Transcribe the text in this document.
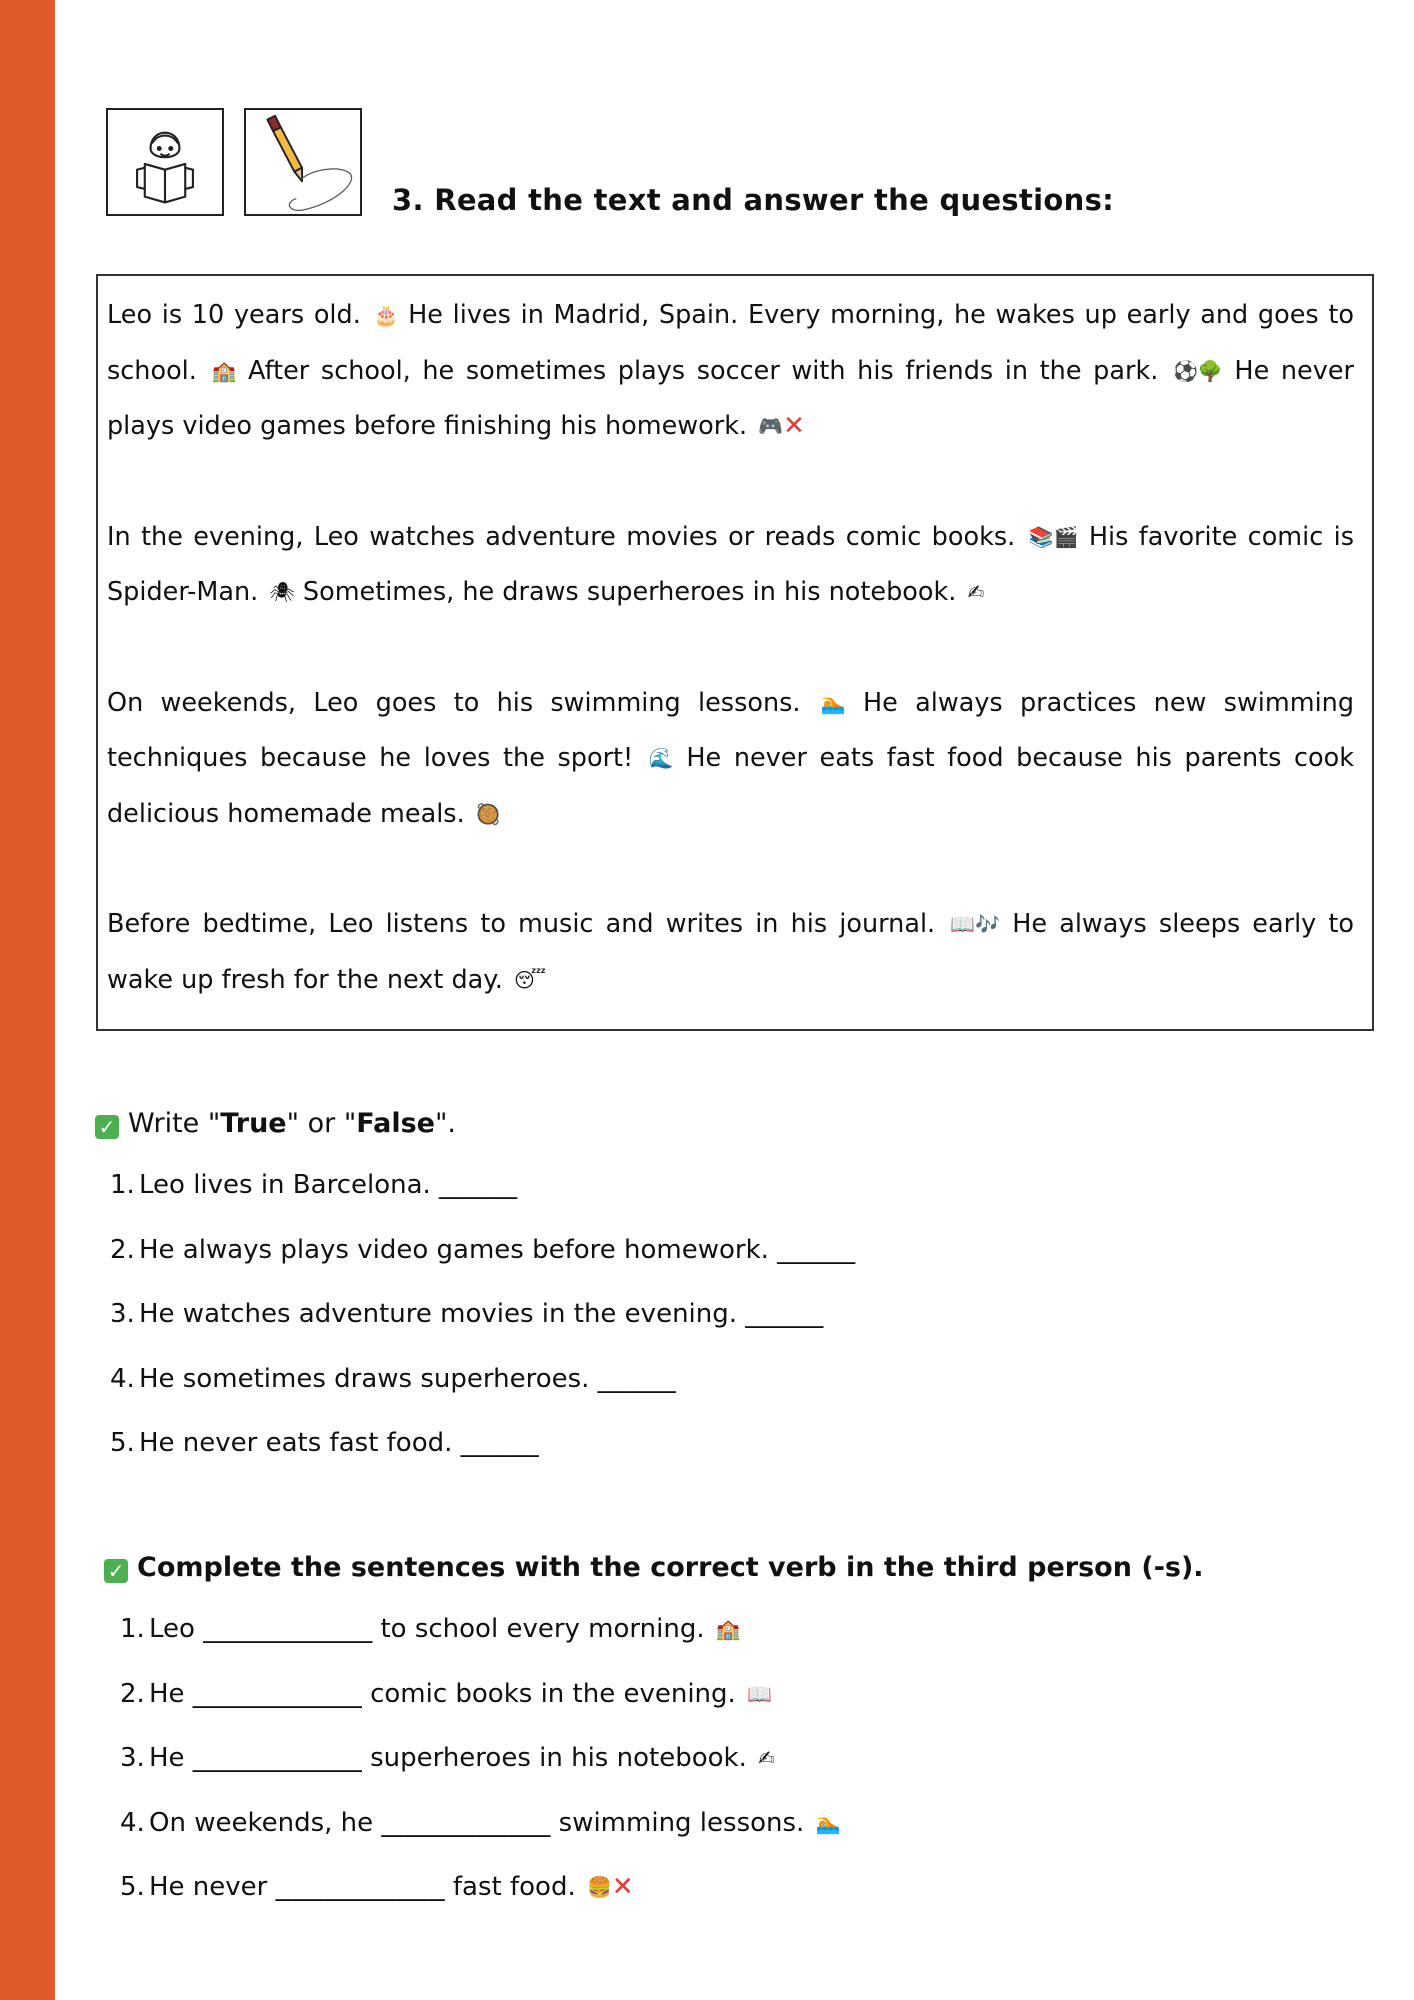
3. Read the text and answer the questions:

Leo is 10 years old. 🎂 He lives in Madrid, Spain. Every morning, he wakes up early and goes to school. 🏫 After school, he sometimes plays soccer with his friends in the park. ⚽🌳 He never plays video games before finishing his homework. 🎮✕

In the evening, Leo watches adventure movies or reads comic books. 📚🎬 His favorite comic is Spider-Man. 🕷 Sometimes, he draws superheroes in his notebook. ✍

On weekends, Leo goes to his swimming lessons. 🏊 He always practices new swimming techniques because he loves the sport! 🌊 He never eats fast food because his parents cook delicious homemade meals. 🥘

Before bedtime, Leo listens to music and writes in his journal. 📖🎶 He always sleeps early to wake up fresh for the next day. 😴

✓ Write "True" or "False".
1. Leo lives in Barcelona. ______
2. He always plays video games before homework. ______
3. He watches adventure movies in the evening. ______
4. He sometimes draws superheroes. ______
5. He never eats fast food. ______
✓ Complete the sentences with the correct verb in the third person (-s).
1. Leo _____________ to school every morning. 🏫
2. He _____________ comic books in the evening. 📖
3. He _____________ superheroes in his notebook. ✍
4. On weekends, he _____________ swimming lessons. 🏊
5. He never _____________ fast food. 🍔✕
